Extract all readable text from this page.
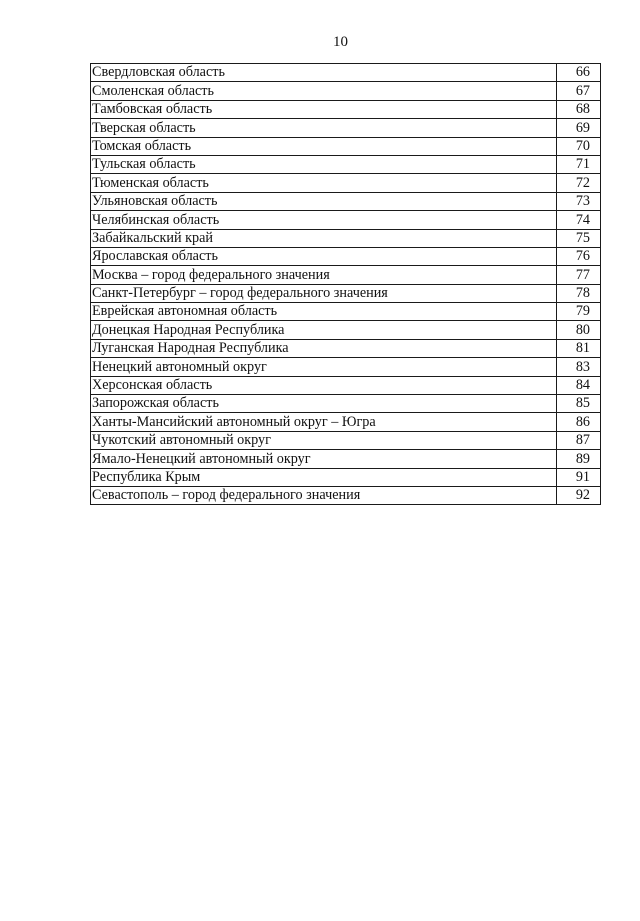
10
Свердловская область	66
Смоленская область	67
Тамбовская область	68
Тверская область	69
Томская область	70
Тульская область	71
Тюменская область	72
Ульяновская область	73
Челябинская область	74
Забайкальский край	75
Ярославская область	76
Москва – город федерального значения	77
Санкт-Петербург – город федерального значения	78
Еврейская автономная область	79
Донецкая Народная Республика	80
Луганская Народная Республика	81
Ненецкий автономный округ	83
Херсонская область	84
Запорожская область	85
Ханты-Мансийский автономный округ – Югра	86
Чукотский автономный округ	87
Ямало-Ненецкий автономный округ	89
Республика Крым	91
Севастополь – город федерального значения	92
